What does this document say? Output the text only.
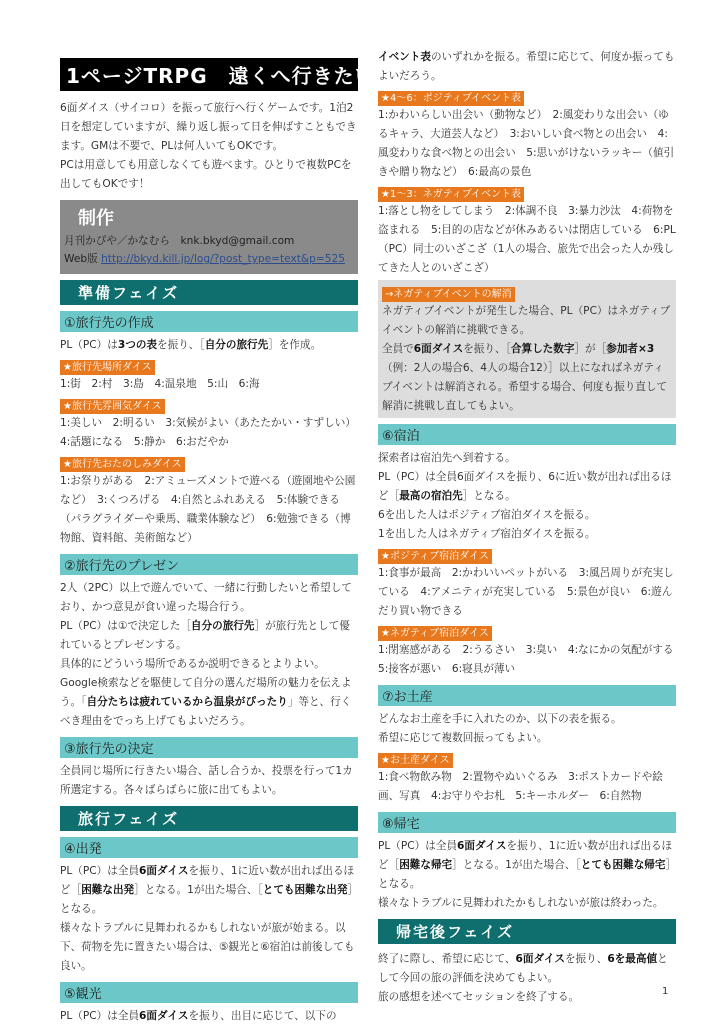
1ページTRPG　遠くへ行きたい

6面ダイス（サイコロ）を振って旅行へ行くゲームです。1泊2日を想定していますが、繰り返し振って日を伸ばすこともできます。GMは不要で、PLは何人いてもOKです。

PCは用意しても用意しなくても遊べます。ひとりで複数PCを出してもOKです！

制作

月刊かぴや／かなむら　knk.bkyd@gmail.com

Web版 http://bkyd.kill.jp/log/?post_type=text&p=525

準備フェイズ
①旅行先の作成

PL（PC）は3つの表を振り、［自分の旅行先］を作成。

★旅行先場所ダイス

1:街　2:村　3:島　4:温泉地　5:山　6:海

★旅行先雰囲気ダイス

1:美しい　2:明るい　3:気候がよい（あたたかい・すずしい）　4:話題になる　5:静か　6:おだやか

★旅行先おたのしみダイス

1:お祭りがある　2:アミューズメントで遊べる（遊園地や公園など）　3:くつろげる　4:自然とふれあえる　5:体験できる（パラグライダーや乗馬、職業体験など）　6:勉強できる（博物館、資料館、美術館など）

②旅行先のプレゼン

2人（2PC）以上で遊んでいて、一緒に行動したいと希望しており、かつ意見が食い違った場合行う。

PL（PC）は①で決定した［自分の旅行先］が旅行先として優れているとプレゼンする。

具体的にどういう場所であるか説明できるとよりよい。

Google検索などを駆使して自分の選んだ場所の魅力を伝えよう。「自分たちは疲れているから温泉がぴったり」等と、行くべき理由をでっち上げてもよいだろう。

③旅行先の決定

全員同じ場所に行きたい場合、話し合うか、投票を行って1カ所選定する。各々ばらばらに旅に出てもよい。

旅行フェイズ
④出発

PL（PC）は全員6面ダイスを振り、1に近い数が出れば出るほど［困難な出発］となる。1が出た場合、［とても困難な出発］となる。

様々なトラブルに見舞われるかもしれないが旅が始まる。以下、荷物を先に置きたい場合は、⑤観光と⑥宿泊は前後しても良い。

⑤観光

PL（PC）は全員6面ダイスを振り、出目に応じて、以下の

イベント表のいずれかを振る。希望に応じて、何度か振ってもよいだろう。

★4〜6：ポジティブイベント表

1:かわいらしい出会い（動物など）　2:風変わりな出会い（ゆるキャラ、大道芸人など）　3:おいしい食べ物との出会い　4:風変わりな食べ物との出会い　5:思いがけないラッキー（値引きや贈り物など）　6:最高の景色

★1〜3：ネガティブイベント表

1:落とし物をしてしまう　2:体調不良　3:暴力沙汰　4:荷物を盗まれる　5:目的の店などが休みあるいは閉店している　6:PL（PC）同士のいざこざ（1人の場合、旅先で出会った人か残してきた人とのいざこざ）

→ネガティブイベントの解消

ネガティブイベントが発生した場合、PL（PC）はネガティブイベントの解消に挑戦できる。

全員で6面ダイスを振り、［合算した数字］が［参加者×3（例：2人の場合6、4人の場合12）］以上になればネガティブイベントは解消される。希望する場合、何度も振り直して解消に挑戦し直してもよい。

⑥宿泊

探索者は宿泊先へ到着する。

PL（PC）は全員6面ダイスを振り、6に近い数が出れば出るほど［最高の宿泊先］となる。

6を出した人はポジティブ宿泊ダイスを振る。

1を出した人はネガティブ宿泊ダイスを振る。

★ポジティブ宿泊ダイス

1:食事が最高　2:かわいいペットがいる　3:風呂周りが充実している　4:アメニティが充実している　5:景色が良い　6:遊んだり買い物できる

★ネガティブ宿泊ダイス

1:閉塞感がある　2:うるさい　3:臭い　4:なにかの気配がする　5:接客が悪い　6:寝具が薄い

⑦お土産

どんなお土産を手に入れたのか、以下の表を振る。

希望に応じて複数回振ってもよい。

★お土産ダイス

1:食べ物飲み物　2:置物やぬいぐるみ　3:ポストカードや絵画、写真　4:お守りやお札　5:キーホルダー　6:自然物

⑧帰宅

PL（PC）は全員6面ダイスを振り、1に近い数が出れば出るほど［困難な帰宅］となる。1が出た場合、［とても困難な帰宅］となる。

様々なトラブルに見舞われたかもしれないが旅は終わった。

帰宅後フェイズ

終了に際し、希望に応じて、6面ダイスを振り、6を最高値として今回の旅の評価を決めてもよい。

旅の感想を述べてセッションを終了する。	1
